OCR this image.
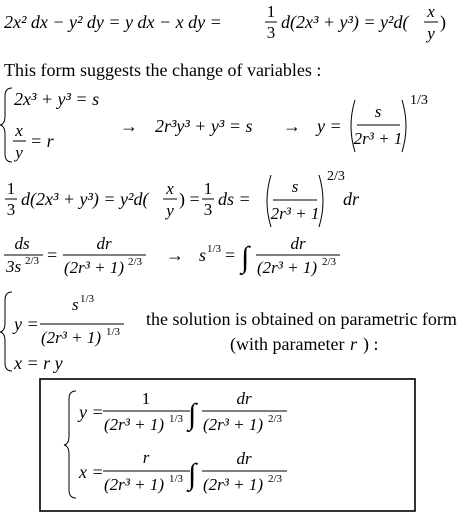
2x² dx − y² dy = y dx − x dy =
1
3
d(2x³ + y³) = y²d(
x
y
)
This form suggests the change of variables :
2x³ + y³ = s
x
y
= r
→ 2r³y³ + y³ = s → y =
s
2r³ + 1
1/3
1
3
d(2x³ + y³) = y²d(
x
y
) =
1
3
ds =
s
2r³ + 1
2/3
dr
ds
3s 2/3 =
dr
(2r³ + 1) 2/3 → s 1/3 = ∫ dr
(2r³ + 1) 2/3
y =
s 1/3
(2r³ + 1) 1/3
x = r y
the solution is obtained on parametric form
(with parameter r ) :
y =
1
(2r³ + 1) 1/3 ∫ dr
(2r³ + 1) 2/3
x =
r
(2r³ + 1) 1/3 ∫ dr
(2r³ + 1) 2/3
